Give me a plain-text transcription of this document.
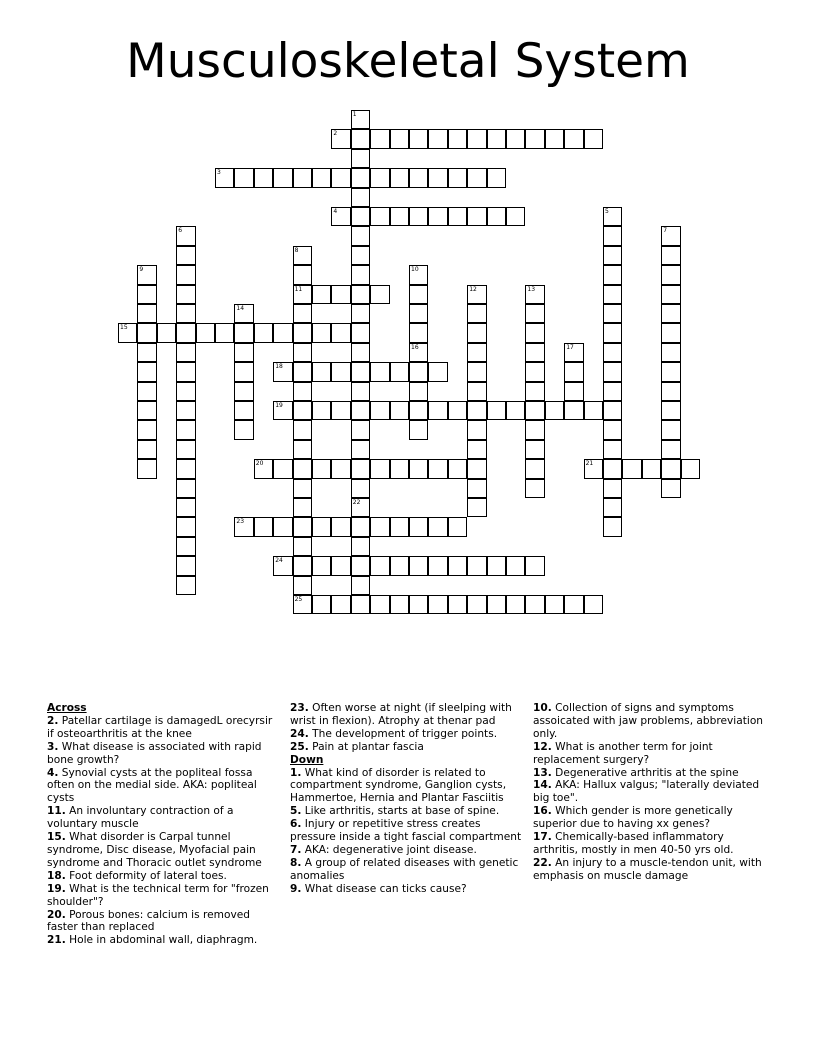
Musculoskeletal System
1
22
2
3
4	5
6	7
8
11
9	10
12	13
14
15
16	17
18
19
20	21
23
24
25

Across

2. Patellar cartilage is damagedL orecyrsir if osteoarthritis at the knee

3. What disease is associated with rapid bone growth?

4. Synovial cysts at the popliteal fossa often on the medial side. AKA: popliteal cysts

11. An involuntary contraction of a voluntary muscle

15. What disorder is Carpal tunnel syndrome, Disc disease, Myofacial pain syndrome and Thoracic outlet syndrome

18. Foot deformity of lateral toes.

19. What is the technical term for "frozen shoulder"?

20. Porous bones: calcium is removed faster than replaced

21. Hole in abdominal wall, diaphragm.

23. Often worse at night (if sleelping with wrist in flexion). Atrophy at thenar pad

24. The development of trigger points.

25. Pain at plantar fascia

Down

1. What kind of disorder is related to compartment syndrome, Ganglion cysts, Hammertoe, Hernia and Plantar Fasciitis

5. Like arthritis, starts at base of spine.

6. Injury or repetitive stress creates pressure inside a tight fascial compartment

7. AKA: degenerative joint disease.

8. A group of related diseases with genetic anomalies

9. What disease can ticks cause?

10. Collection of signs and symptoms assoicated with jaw problems, abbreviation only.

12. What is another term for joint replacement surgery?

13. Degenerative arthritis at the spine

14. AKA: Hallux valgus; "laterally deviated big toe".

16. Which gender is more genetically superior due to having xx genes?

17. Chemically-based inflammatory arthritis, mostly in men 40-50 yrs old.

22. An injury to a muscle-tendon unit, with emphasis on muscle damage
